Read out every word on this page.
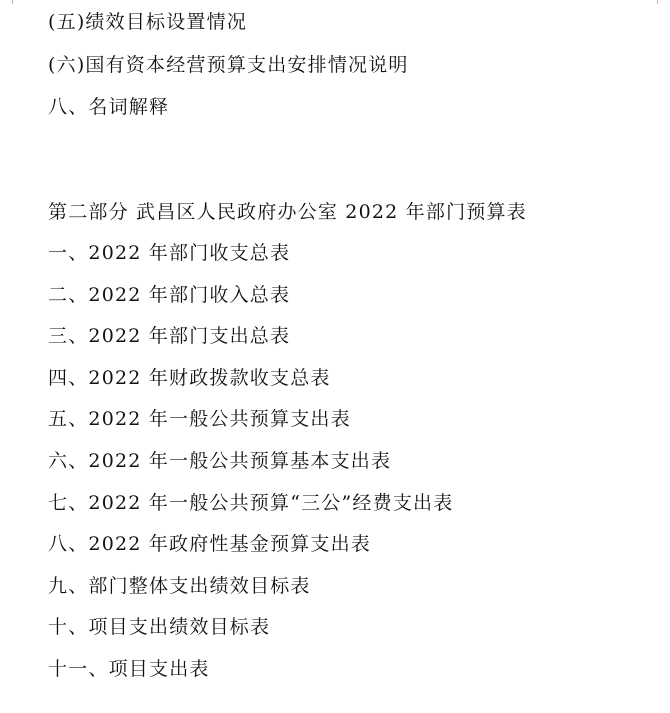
(五)绩效目标设置情况
(六)国有资本经营预算支出安排情况说明
八、名词解释
第二部分 武昌区人民政府办公室 2022 年部门预算表
一、2022 年部门收支总表
二、2022 年部门收入总表
三、2022 年部门支出总表
四、2022 年财政拨款收支总表
五、2022 年一般公共预算支出表
六、2022 年一般公共预算基本支出表
七、2022 年一般公共预算“三公”经费支出表
八、2022 年政府性基金预算支出表
九、部门整体支出绩效目标表
十、项目支出绩效目标表
十一、项目支出表
